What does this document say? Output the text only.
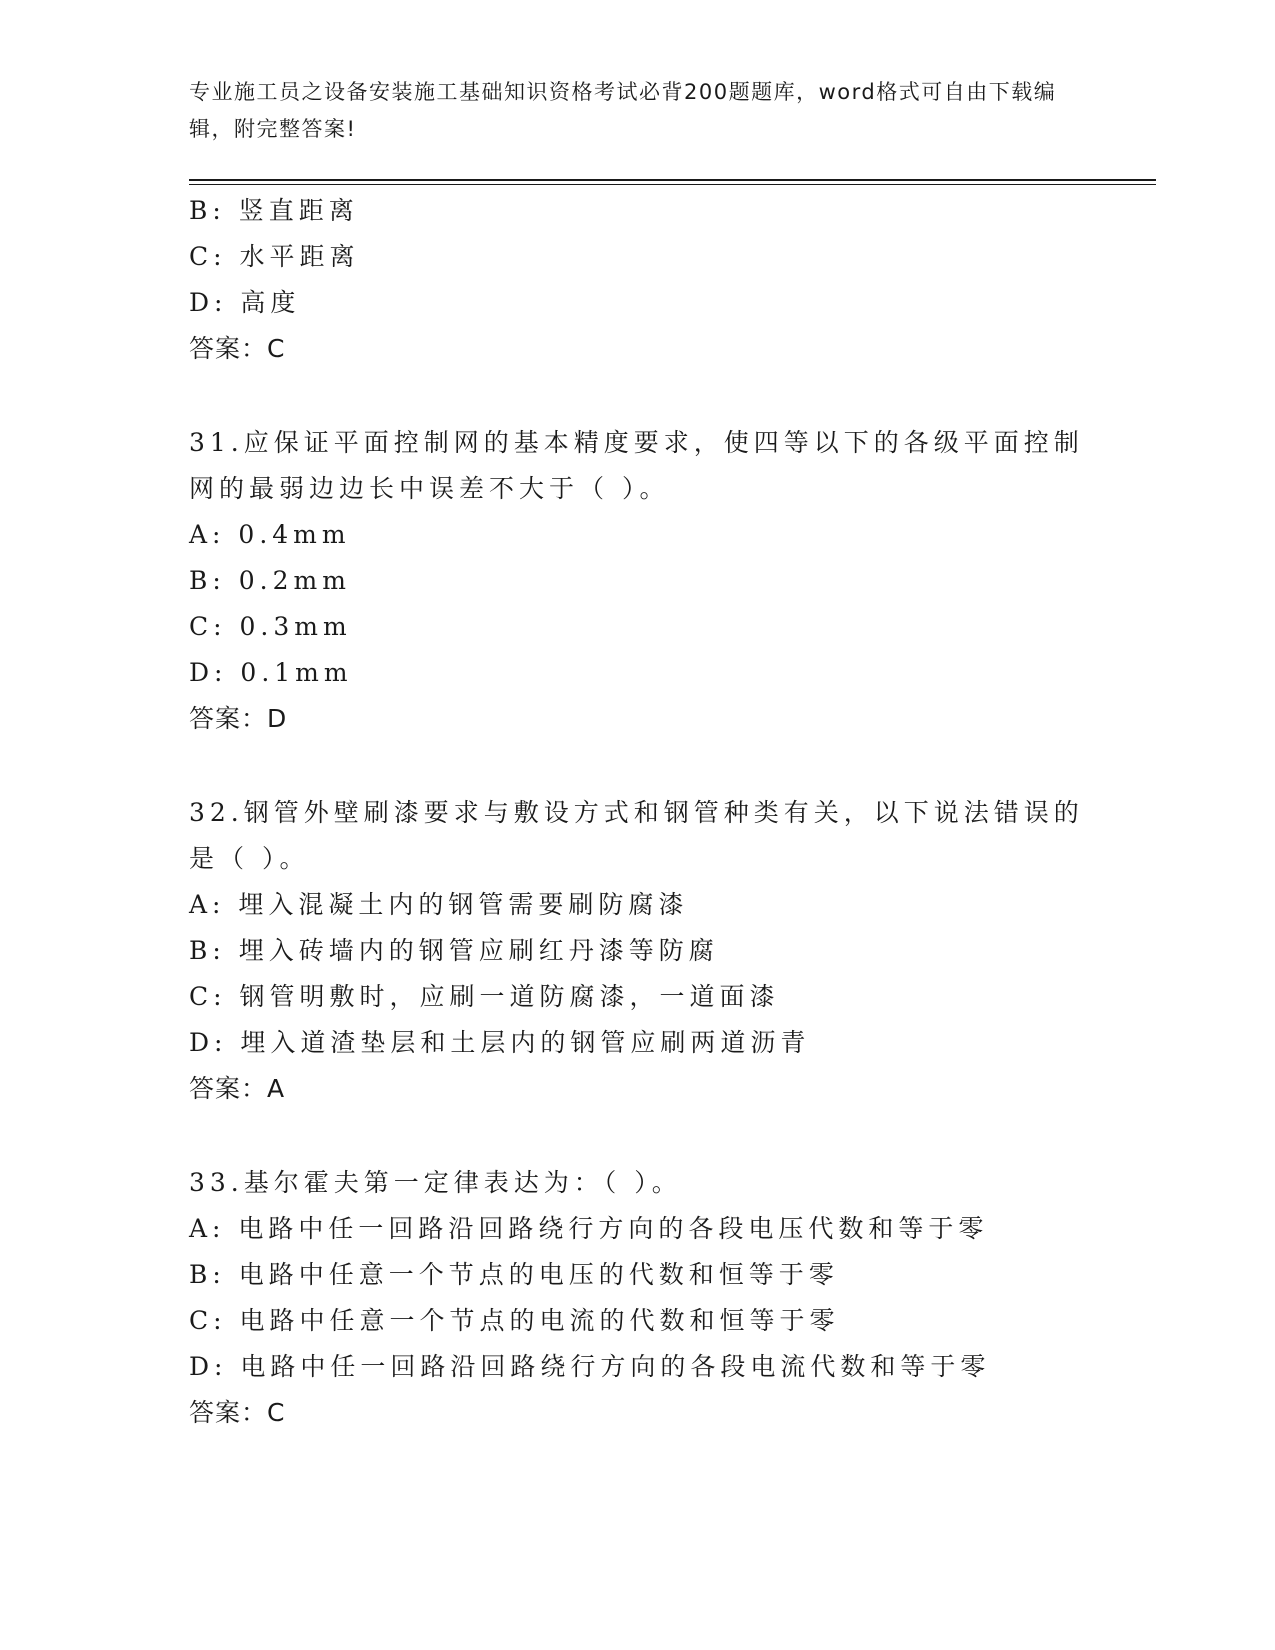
专业施工员之设备安装施工基础知识资格考试必背200题题库，word格式可自由下载编辑，附完整答案!
B: 竖直距离
C: 水平距离
D: 高度
答案：C
31.应保证平面控制网的基本精度要求，使四等以下的各级平面控制网的最弱边边长中误差不大于（ ）。
A: 0.4mm
B: 0.2mm
C: 0.3mm
D: 0.1mm
答案：D
32.钢管外壁刷漆要求与敷设方式和钢管种类有关，以下说法错误的是（ ）。
A: 埋入混凝土内的钢管需要刷防腐漆
B: 埋入砖墙内的钢管应刷红丹漆等防腐
C: 钢管明敷时，应刷一道防腐漆，一道面漆
D: 埋入道渣垫层和土层内的钢管应刷两道沥青
答案：A
33.基尔霍夫第一定律表达为：（ ）。
A: 电路中任一回路沿回路绕行方向的各段电压代数和等于零
B: 电路中任意一个节点的电压的代数和恒等于零
C: 电路中任意一个节点的电流的代数和恒等于零
D: 电路中任一回路沿回路绕行方向的各段电流代数和等于零
答案：C
